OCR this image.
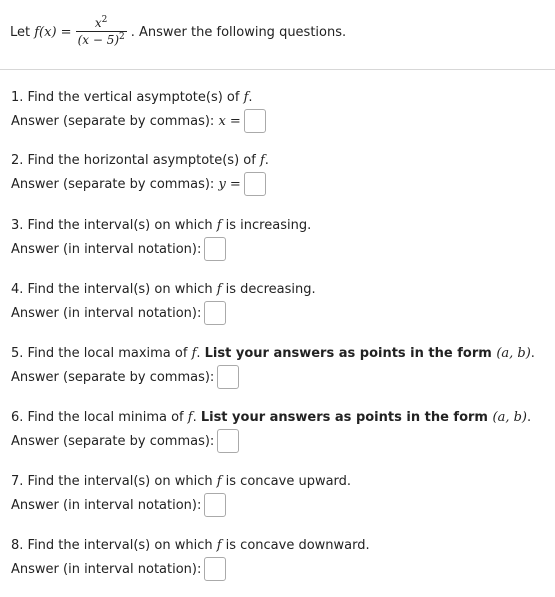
Let
$f(x) = \frac{x^2}{(x - 5)^2}$ . Answer the following questions.
1. Find the vertical asymptote(s) of f.
Answer (separate by commas):
x =
2. Find the horizontal asymptote(s) of f.
Answer (separate by commas):
y =
3. Find the interval(s) on which f is increasing.
Answer (in interval notation):
4. Find the interval(s) on which f is decreasing.
Answer (in interval notation):
5. Find the local maxima of f. List your answers as points in the form (a, b).
Answer (separate by commas):
6. Find the local minima of f. List your answers as points in the form (a, b).
Answer (separate by commas):
7. Find the interval(s) on which f is concave upward.
Answer (in interval notation):
8. Find the interval(s) on which f is concave downward.
Answer (in interval notation):
